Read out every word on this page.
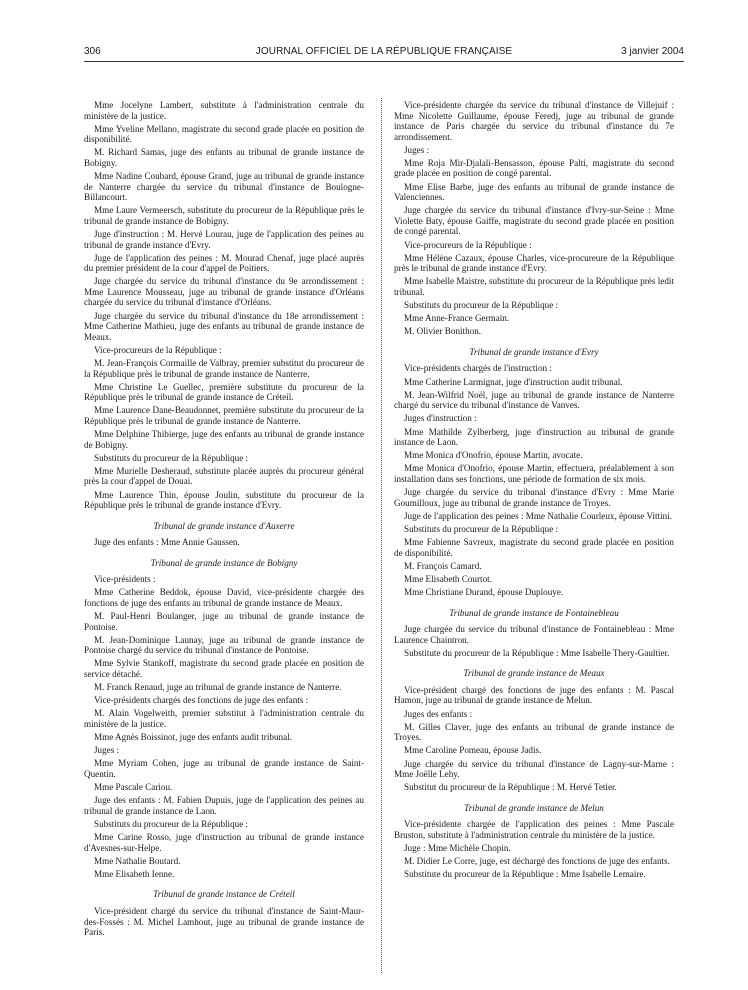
306	JOURNAL OFFICIEL DE LA RÉPUBLIQUE FRANÇAISE	3 janvier 2004

Mme Jocelyne Lambert, substitute à l'administration centrale du ministère de la justice.

Mme Yveline Mellano, magistrate du second grade placée en position de disponibilité.

M. Richard Samas, juge des enfants au tribunal de grande instance de Bobigny.

Mme Nadine Coubard, épouse Grand, juge au tribunal de grande instance de Nanterre chargée du service du tribunal d'instance de Boulogne-Billancourt.

Mme Laure Vermeersch, substitute du procureur de la République près le tribunal de grande instance de Bobigny.

Juge d'instruction : M. Hervé Lourau, juge de l'application des peines au tribunal de grande instance d'Evry.

Juge de l'application des peines : M. Mourad Chenaf, juge placé auprès du premier président de la cour d'appel de Poitiers.

Juge chargée du service du tribunal d'instance du 9e arrondissement : Mme Laurence Mousseau, juge au tribunal de grande instance d'Orléans chargée du service du tribunal d'instance d'Orléans.

Juge chargée du service du tribunal d'instance du 18e arrondissement : Mme Catherine Mathieu, juge des enfants au tribunal de grande instance de Meaux.

Vice-procureurs de la République :

M. Jean-François Cormaille de Valbray, premier substitut du procureur de la République près le tribunal de grande instance de Nanterre.

Mme Christine Le Guellec, première substitute du procureur de la République près le tribunal de grande instance de Créteil.

Mme Laurence Dane-Beaudonnet, première substitute du procureur de la République près le tribunal de grande instance de Nanterre.

Mme Delphine Thibierge, juge des enfants au tribunal de grande instance de Bobigny.

Substituts du procureur de la République :

Mme Murielle Desheraud, substitute placée auprès du procureur général près la cour d'appel de Douai.

Mme Laurence Thin, épouse Joulin, substitute du procureur de la République près le tribunal de grande instance d'Evry.

Tribunal de grande instance d'Auxerre

Juge des enfants : Mme Annie Gaussen.

Tribunal de grande instance de Bobigny

Vice-présidents :

Mme Catherine Beddok, épouse David, vice-présidente chargée des fonctions de juge des enfants au tribunal de grande instance de Meaux.

M. Paul-Henri Boulanger, juge au tribunal de grande instance de Pontoise.

M. Jean-Dominique Launay, juge au tribunal de grande instance de Pontoise chargé du service du tribunal d'instance de Pontoise.

Mme Sylvie Stankoff, magistrate du second grade placée en position de service détaché.

M. Franck Renaud, juge au tribunal de grande instance de Nanterre.

Vice-présidents chargés des fonctions de juge des enfants :

M. Alain Vogelweith, premier substitut à l'administration centrale du ministère de la justice.

Mme Agnès Boissinot, juge des enfants audit tribunal.

Juges :

Mme Myriam Cohen, juge au tribunal de grande instance de Saint-Quentin.

Mme Pascale Cariou.

Juge des enfants : M. Fabien Dupuis, juge de l'application des peines au tribunal de grande instance de Laon.

Substituts du procureur de la République :

Mme Carine Rosso, juge d'instruction au tribunal de grande instance d'Avesnes-sur-Helpe.

Mme Nathalie Boutard.

Mme Elisabeth Ienne.

Tribunal de grande instance de Créteil

Vice-président chargé du service du tribunal d'instance de Saint-Maur-des-Fossés : M. Michel Lamhout, juge au tribunal de grande instance de Paris.

Vice-présidente chargée du service du tribunal d'instance de Villejuif : Mme Nicolette Guillaume, épouse Feredj, juge au tribunal de grande instance de Paris chargée du service du tribunal d'instance du 7e arrondissement.

Juges :

Mme Roja Mir-Djalali-Bensasson, épouse Palti, magistrate du second grade placée en position de congé parental.

Mme Elise Barbe, juge des enfants au tribunal de grande instance de Valenciennes.

Juge chargée du service du tribunal d'instance d'Ivry-sur-Seine : Mme Violette Baty, épouse Gaiffe, magistrate du second grade placée en position de congé parental.

Vice-procureurs de la République :

Mme Hélène Cazaux, épouse Charles, vice-procureure de la République près le tribunal de grande instance d'Evry.

Mme Isabelle Maistre, substitute du procureur de la République près ledit tribunal.

Substituts du procureur de la République :

Mme Anne-France Germain.

M. Olivier Bonithon.

Tribunal de grande instance d'Evry

Vice-présidents chargés de l'instruction :

Mme Catherine Larmignat, juge d'instruction audit tribunal.

M. Jean-Wilfrid Noël, juge au tribunal de grande instance de Nanterre chargé du service du tribunal d'instance de Vanves.

Juges d'instruction :

Mme Mathilde Zylberberg, juge d'instruction au tribunal de grande instance de Laon.

Mme Monica d'Onofrio, épouse Martin, avocate.

Mme Monica d'Onofrio, épouse Martin, effectuera, préalablement à son installation dans ses fonctions, une période de formation de six mois.

Juge chargée du service du tribunal d'instance d'Evry : Mme Marie Goumilloux, juge au tribunal de grande instance de Troyes.

Juge de l'application des peines : Mme Nathalie Courleux, épouse Vittini.

Substituts du procureur de la République :

Mme Fabienne Savreux, magistrate du second grade placée en position de disponibilité.

M. François Camard.

Mme Elisabeth Courtot.

Mme Christiane Durand, épouse Duplouye.

Tribunal de grande instance de Fontainebleau

Juge chargée du service du tribunal d'instance de Fontainebleau : Mme Laurence Chaintron.

Substitute du procureur de la République : Mme Isabelle Thery-Gaultier.

Tribunal de grande instance de Meaux

Vice-président chargé des fonctions de juge des enfants : M. Pascal Hamon, juge au tribunal de grande instance de Melun.

Juges des enfants :

M. Gilles Claver, juge des enfants au tribunal de grande instance de Troyes.

Mme Caroline Pomeau, épouse Jadis.

Juge chargée du service du tribunal d'instance de Lagny-sur-Marne : Mme Joëlle Lehy.

Substitut du procureur de la République : M. Hervé Tetier.

Tribunal de grande instance de Melun

Vice-présidente chargée de l'application des peines : Mme Pascale Bruston, substitute à l'administration centrale du ministère de la justice.

Juge : Mme Michèle Chopin.

M. Didier Le Corre, juge, est déchargé des fonctions de juge des enfants.

Substitute du procureur de la République : Mme Isabelle Lemaire.
